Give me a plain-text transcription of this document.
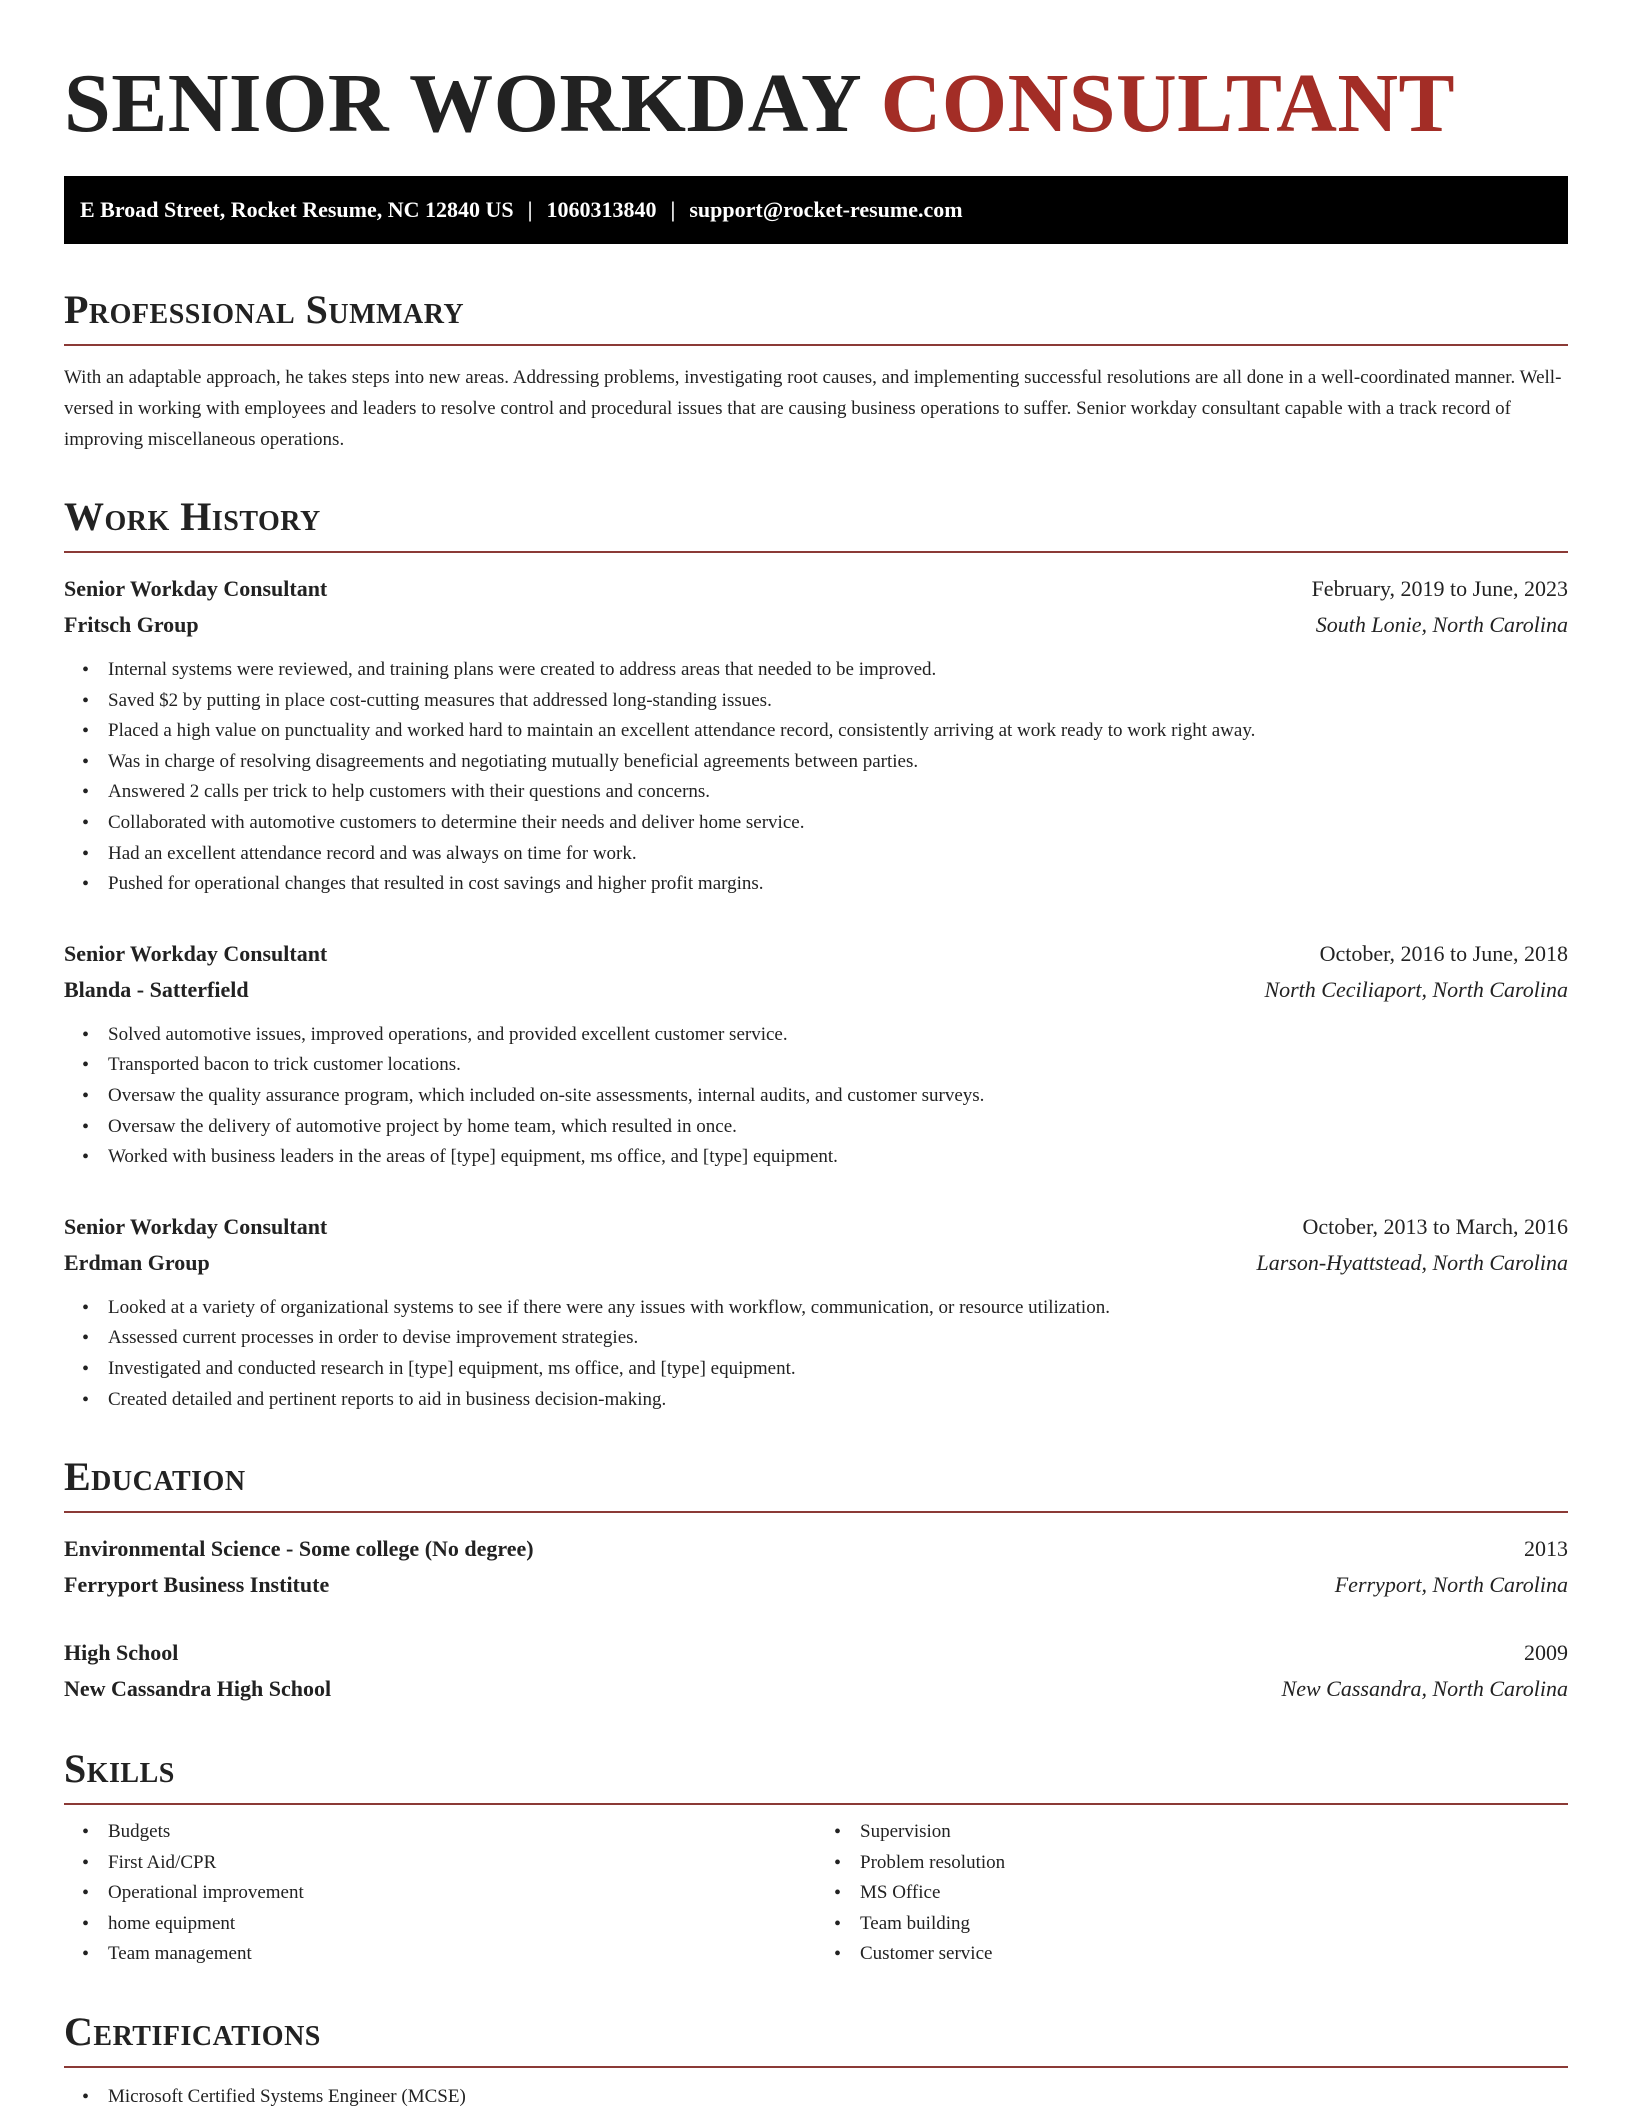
SENIOR WORKDAY CONSULTANT
E Broad Street, Rocket Resume, NC 12840 US | 1060313840 | support@rocket-resume.com
Professional Summary

With an adaptable approach, he takes steps into new areas. Addressing problems, investigating root causes, and implementing successful resolutions are all done in a well-coordinated manner. Well-versed in working with employees and leaders to resolve control and procedural issues that are causing business operations to suffer. Senior workday consultant capable with a track record of improving miscellaneous operations.

Work History
Senior Workday Consultant	February, 2019 to June, 2023
Fritsch Group	South Lonie, North Carolina
• Internal systems were reviewed, and training plans were created to address areas that needed to be improved.
• Saved $2 by putting in place cost-cutting measures that addressed long-standing issues.
• Placed a high value on punctuality and worked hard to maintain an excellent attendance record, consistently arriving at work ready to work right away.
• Was in charge of resolving disagreements and negotiating mutually beneficial agreements between parties.
• Answered 2 calls per trick to help customers with their questions and concerns.
• Collaborated with automotive customers to determine their needs and deliver home service.
• Had an excellent attendance record and was always on time for work.
• Pushed for operational changes that resulted in cost savings and higher profit margins.
Senior Workday Consultant	October, 2016 to June, 2018
Blanda - Satterfield	North Ceciliaport, North Carolina
• Solved automotive issues, improved operations, and provided excellent customer service.
• Transported bacon to trick customer locations.
• Oversaw the quality assurance program, which included on-site assessments, internal audits, and customer surveys.
• Oversaw the delivery of automotive project by home team, which resulted in once.
• Worked with business leaders in the areas of [type] equipment, ms office, and [type] equipment.
Senior Workday Consultant	October, 2013 to March, 2016
Erdman Group	Larson-Hyattstead, North Carolina
• Looked at a variety of organizational systems to see if there were any issues with workflow, communication, or resource utilization.
• Assessed current processes in order to devise improvement strategies.
• Investigated and conducted research in [type] equipment, ms office, and [type] equipment.
• Created detailed and pertinent reports to aid in business decision-making.
Education
Environmental Science - Some college (No degree)	2013
Ferryport Business Institute	Ferryport, North Carolina
High School	2009
New Cassandra High School	New Cassandra, North Carolina
Skills
• Budgets
• First Aid/CPR
• Operational improvement
• home equipment
• Team management
• Supervision
• Problem resolution
• MS Office
• Team building
• Customer service
Certifications
• Microsoft Certified Systems Engineer (MCSE)
